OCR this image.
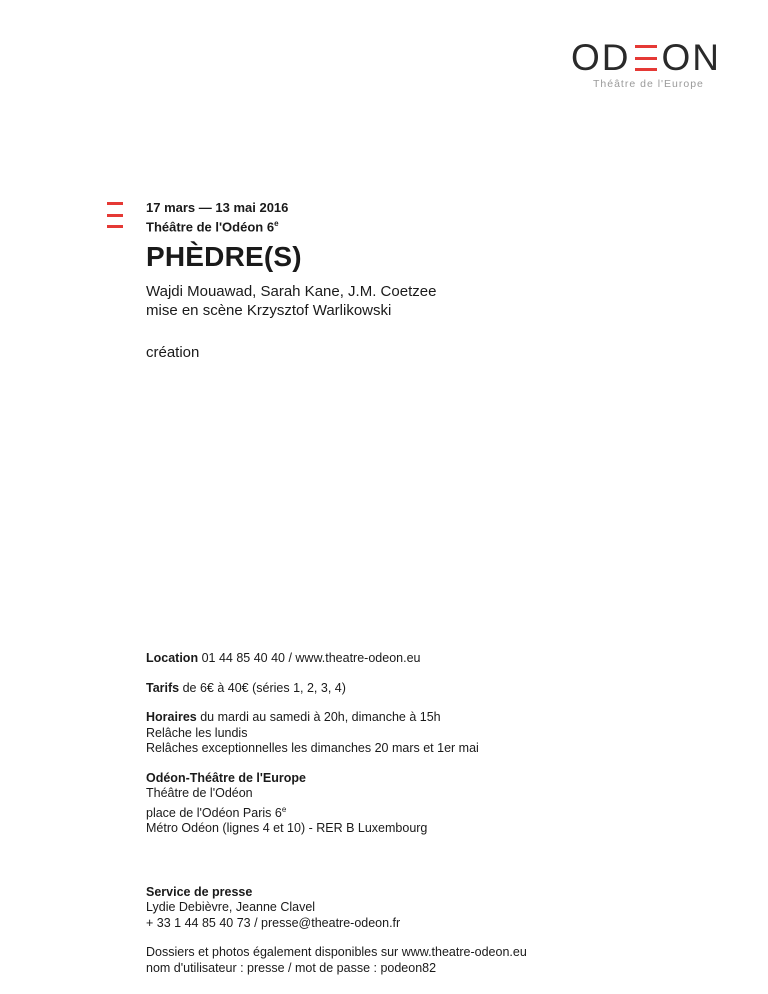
O D O N
Théâtre de l'Europe
17 mars — 13 mai 2016
Théâtre de l'Odéon 6e
PHÈDRE(S)
Wajdi Mouawad, Sarah Kane, J.M. Coetzee
mise en scène Krzysztof Warlikowski
création

Location 01 44 85 40 40 / www.theatre-odeon.eu

Tarifs de 6€ à 40€ (séries 1, 2, 3, 4)

Horaires du mardi au samedi à 20h, dimanche à 15h

Relâche les lundis

Relâches exceptionnelles les dimanches 20 mars et 1er mai

Odéon-Théâtre de l'Europe

Théâtre de l'Odéon

place de l'Odéon Paris 6e

Métro Odéon (lignes 4 et 10) - RER B Luxembourg

Service de presse

Lydie Debièvre, Jeanne Clavel

+ 33 1 44 85 40 73 / presse@theatre-odeon.fr

Dossiers et photos également disponibles sur www.theatre-odeon.eu

nom d'utilisateur : presse / mot de passe : podeon82
